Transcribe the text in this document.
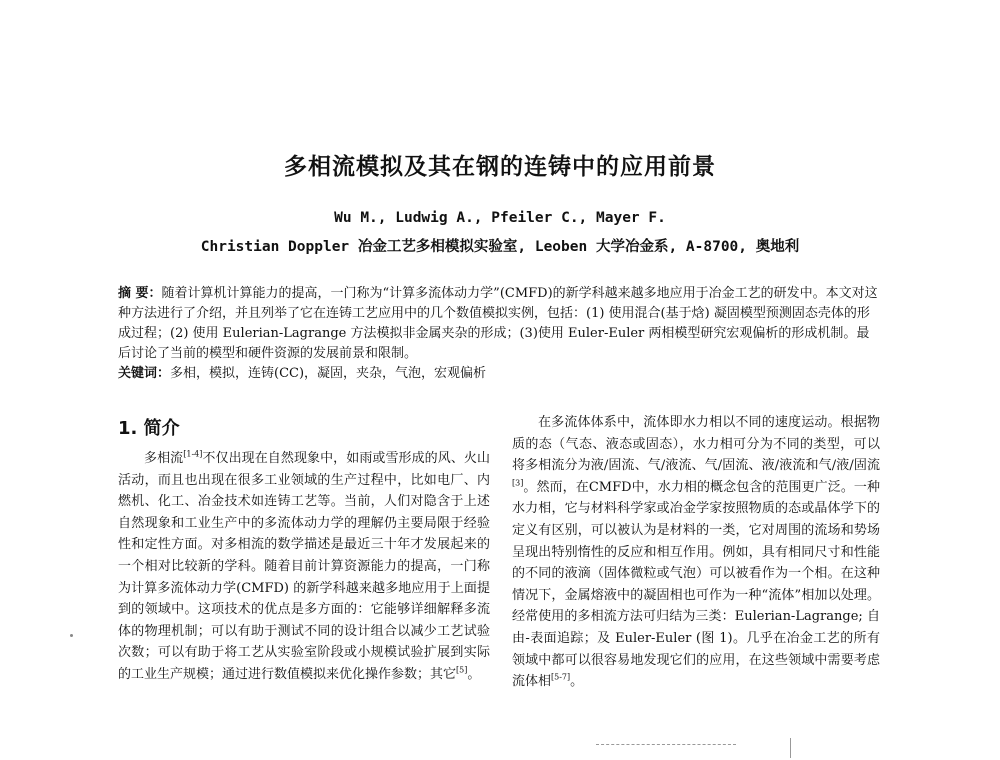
多相流模拟及其在钢的连铸中的应用前景
Wu M., Ludwig A., Pfeiler C., Mayer F.
Christian Doppler 冶金工艺多相模拟实验室, Leoben 大学冶金系, A-8700, 奥地利

摘 要：随着计算机计算能力的提高，一门称为“计算多流体动力学”(CMFD)的新学科越来越多地应用于冶金工艺的研发中。本文对这种方法进行了介绍，并且列举了它在连铸工艺应用中的几个数值模拟实例，包括：(1) 使用混合(基于焓) 凝固模型预测固态壳体的形成过程；(2) 使用 Eulerian-Lagrange 方法模拟非金属夹杂的形成；(3)使用 Euler-Euler 两相模型研究宏观偏析的形成机制。最后讨论了当前的模型和硬件资源的发展前景和限制。

关键词：多相，模拟，连铸(CC)，凝固，夹杂，气泡，宏观偏析

1. 简介

多相流[1-4]不仅出现在自然现象中，如雨或雪形成的风、火山活动，而且也出现在很多工业领域的生产过程中，比如电厂、内燃机、化工、冶金技术如连铸工艺等。当前，人们对隐含于上述自然现象和工业生产中的多流体动力学的理解仍主要局限于经验性和定性方面。对多相流的数学描述是最近三十年才发展起来的一个相对比较新的学科。随着目前计算资源能力的提高，一门称为计算多流体动力学(CMFD) 的新学科越来越多地应用于上面提到的领域中。这项技术的优点是多方面的：它能够详细解释多流体的物理机制；可以有助于测试不同的设计组合以减少工艺试验次数；可以有助于将工艺从实验室阶段或小规模试验扩展到实际的工业生产规模；通过进行数值模拟来优化操作参数；其它[5]。

在多流体体系中，流体即水力相以不同的速度运动。根据物质的态（气态、液态或固态），水力相可分为不同的类型，可以将多相流分为液/固流、气/液流、气/固流、液/液流和气/液/固流[3]。然而，在CMFD中，水力相的概念包含的范围更广泛。一种水力相，它与材料科学家或冶金学家按照物质的态或晶体学下的定义有区别，可以被认为是材料的一类，它对周围的流场和势场呈现出特别惰性的反应和相互作用。例如，具有相同尺寸和性能的不同的液滴（固体微粒或气泡）可以被看作为一个相。在这种情况下，金属熔液中的凝固相也可作为一种“流体”相加以处理。经常使用的多相流方法可归结为三类：Eulerian-Lagrange; 自由-表面追踪；及 Euler-Euler (图 1)。几乎在冶金工艺的所有领域中都可以很容易地发现它们的应用，在这些领域中需要考虑流体相[5-7]。
